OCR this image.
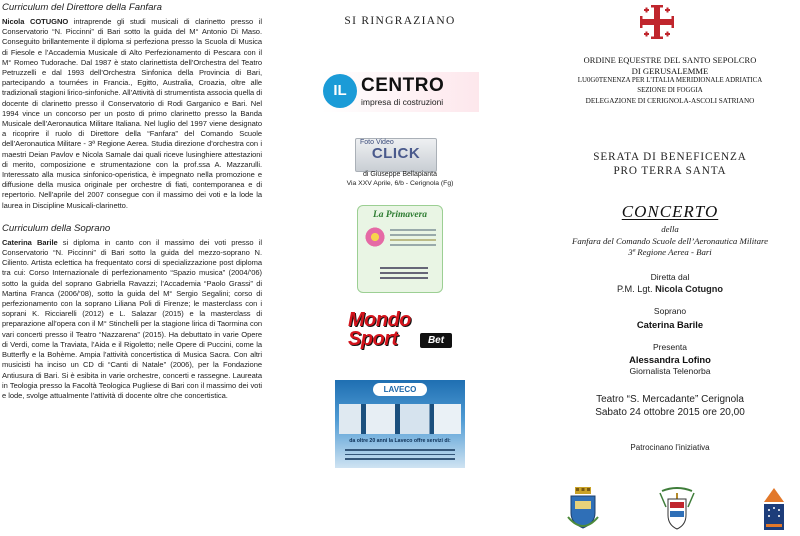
Curriculum del Direttore della Fanfara

Nicola COTUGNO intraprende gli studi musicali di clarinetto presso il Conservatorio “N. Piccinni” di Bari sotto la guida del M° Antonio Di Maso. Conseguito brillantemente il diploma si perfeziona presso la Scuola di Musica di Fiesole e l’Accademia Musicale di Alto Perfezionamento di Pescara con il M° Romeo Tudorache. Dal 1987 è stato clarinettista dell’Orchestra del Teatro Petruzzelli e dal 1993 dell’Orchestra Sinfonica della Provincia di Bari, partecipando a tournées in Francia., Egitto, Australia, Croazia, oltre alle tradizionali stagioni lirico-sinfoniche. All’Attività di strumentista associa quella di docente di clarinetto presso il Conservatorio di Rodi Garganico e Bari. Nel 1994 vince un concorso per un posto di primo clarinetto presso la Banda Musicale dell’Aeronautica Militare Italiana. Nel luglio del 1997 viene designato a ricoprire il ruolo di Direttore della “Fanfara” del Comando Scuole dell’Aeronautica Militare - 3ª Regione Aerea. Studia direzione d’orchestra con i maestri Deian Pavlov e Nicola Samale dai quali riceve lusinghiere attestazioni di merito, composizione e strumentazione con la prof.ssa A. Mazzarulli. Interessato alla musica sinfonico-operistica, è impegnato nella promozione e diffusione della musica originale per orchestre di fiati, contemporanea e di repertorio. Nell’aprile del 2007 consegue con il massimo dei voti e la lode la laurea in Discipline Musicali-clarinetto.

Curriculum della Soprano

Caterina Barile si diploma in canto con il massimo dei voti presso il Conservatorio “N. Piccinni” di Bari sotto la guida del mezzo-soprano N. Ciliento. Artista eclettica ha frequentato corsi di specializzazione post diploma tra cui: Corso Internazionale di perfezionamento “Spazio musica” (2004/’06) sotto la guida del soprano Gabriella Ravazzi; l’Accademia “Paolo Grassi” di Martina Franca (2006/’08), sotto la guida del M° Sergio Segalini; corso di perfezionamento con la soprano Liliana Poli di Firenze; le masterclass con i soprani K. Ricciarelli (2012) e L. Salazar (2015) e la masterclass di preparazione all’opera con il M° Stinchelli per la stagione lirica di Taormina con vari concerti presso il Teatro “Nazzarena” (2015). Ha debuttato in varie Opere di Verdi, come la Traviata, l’Aida e il Rigoletto; nelle Opere di Puccini, come la Butterfly e la Bohème. Ampia l’attività concertistica di Musica Sacra. Con altri musicisti ha inciso un CD di “Canti di Natale” (2006), per la Fondazione Antiusura di Bari. Si è esibita in varie orchestre, concerti e rassegne. Laureata in Teologia presso la Facoltà Teologica Pugliese di Bari con il massimo dei voti e lode, svolge attualmente l’attività di docente oltre che concertistica.

SI RINGRAZIANO
IL CENTRO
impresa di costruzioni
Foto Video
CLICK
di Giuseppe Bellapianta
Via XXV Aprile, 6/b - Cerignola (Fg)
La Primavera
Mondo
Sport	Bet
LAVECO
da oltre 20 anni la Laveco offre servizi di:
ORDINE EQUESTRE DEL SANTO SEPOLCRO
DI GERUSALEMME
LU0G0TENENZA PER L’ITALIA MERIDIONALE ADRIATICA
SEZIONE DI FOGGIA
DELEGAZIONE DI CERIGNOLA-ASCOLI SATRIANO
SERATA DI BENEFICENZA
PRO TERRA SANTA
CONCERTO
della
Fanfara del Comando Scuole dell’Aeronautica Militare
3ª Regione Aerea - Bari
Diretta dal
P.M. Lgt. Nicola Cotugno
Soprano
Caterina Barile
Presenta
Alessandra Lofino
Giornalista Telenorba
Teatro “S. Mercadante” Cerignola
Sabato 24 ottobre 2015 ore 20,00
Patrocinano l’iniziativa
